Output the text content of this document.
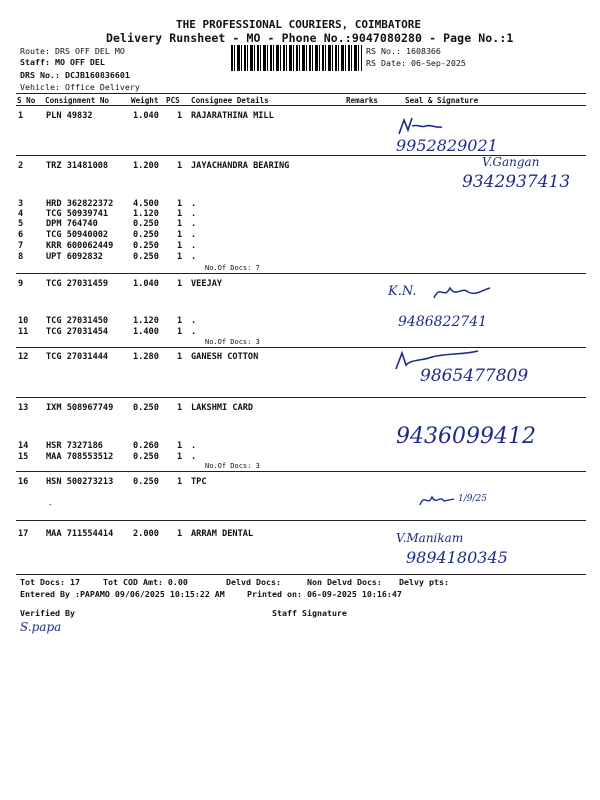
THE PROFESSIONAL COURIERS, COIMBATORE
Delivery Runsheet - MO - Phone No.:9047080280 - Page No.:1
Route: DRS OFF DEL MO
Staff: MO OFF DEL
DRS No.: DCJB160836601
Vehicle: Office Delivery
RS No.: 1608366
RS Date: 06-Sep-2025
S No Consignment No	Weight PCS Consignee Details	Remarks	Seal & Signature
1	PLN 49832	1.040 1 RAJARATHINA MILL
2	TRZ 31481008	1.200 1 JAYACHANDRA BEARING
3	HRD 362822372 4.500 1 .
4	TCG 50939741	1.120 1 .
5	DPM 764740	0.250 1 .
6	TCG 50940002	0.250 1 .
7	KRR 600062449 0.250 1 .
8	UPT 6092832	0.250 1 .
No.Of Docs: 7
9	TCG 27031459	1.040 1 VEEJAY
10 TCG 27031450	1.120 1 .
11 TCG 27031454	1.400 1 .
No.Of Docs: 3
12 TCG 27031444	1.280 1 GANESH COTTON
13 IXM 508967749 0.250 1 LAKSHMI CARD
14 HSR 7327186	0.260 1 .
15 MAA 708553512 0.250 1 .
No.Of Docs: 3
16 HSN 500273213 0.250 1 TPC
-
17 MAA 711554414 2.000 1 ARRAM DENTAL
9952829021
V.Gangan
9342937413
K.N.
9486822741
9865477809
9436099412
1/9/25
V.Manikam
9894180345
Tot Docs: 17	Tot COD Amt: 0.00	Delvd Docs:	Non Delvd Docs: Delvy pts:
Entered By :PAPAMO 09/06/2025 10:15:22 AM	Printed on: 06-09-2025 10:16:47
Verified By	Staff Signature
S.papa
